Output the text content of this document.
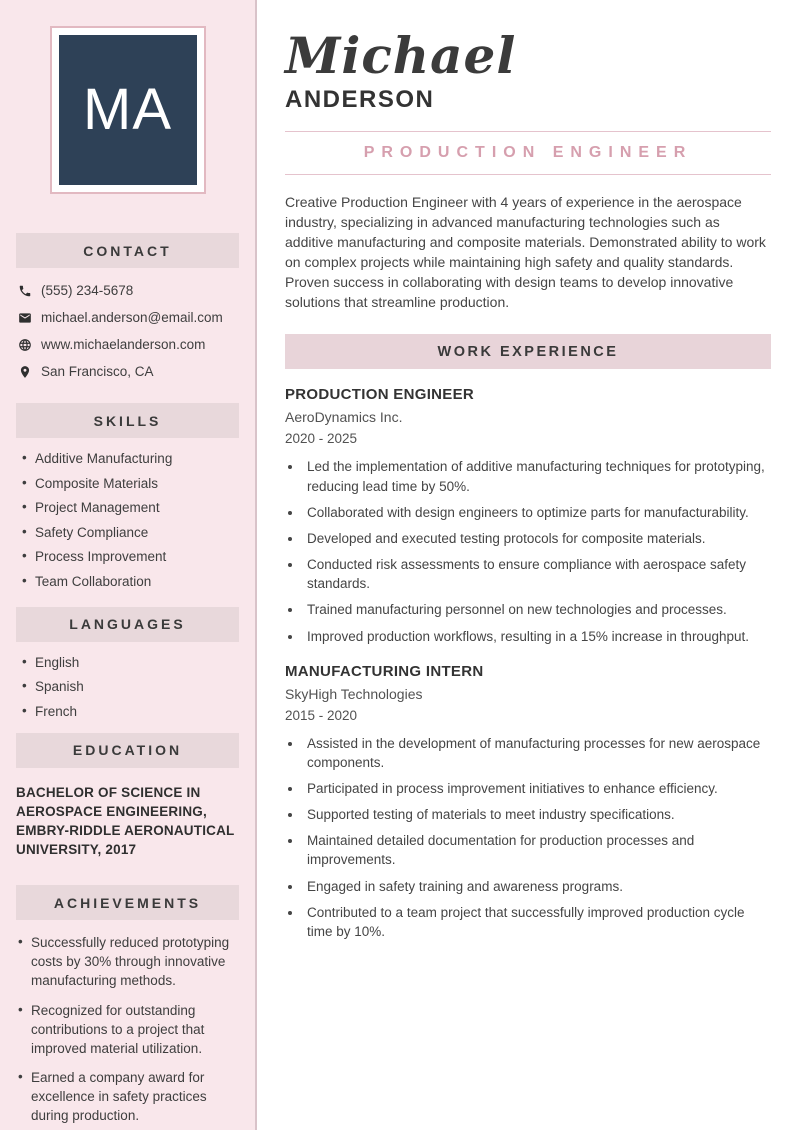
MA
CONTACT
(555) 234-5678
michael.anderson@email.com
www.michaelanderson.com
San Francisco, CA
SKILLS
• Additive Manufacturing
• Composite Materials
• Project Management
• Safety Compliance
• Process Improvement
• Team Collaboration
LANGUAGES
• English
• Spanish
• French
EDUCATION
BACHELOR OF SCIENCE IN AEROSPACE ENGINEERING, EMBRY-RIDDLE AERONAUTICAL UNIVERSITY, 2017
ACHIEVEMENTS
• Successfully reduced prototyping costs by 30% through innovative manufacturing methods.
• Recognized for outstanding contributions to a project that improved material utilization.
• Earned a company award for excellence in safety practices during production.
Michael
ANDERSON
PRODUCTION ENGINEER

Creative Production Engineer with 4 years of experience in the aerospace industry, specializing in advanced manufacturing technologies such as additive manufacturing and composite materials. Demonstrated ability to work on complex projects while maintaining high safety and quality standards. Proven success in collaborating with design teams to develop innovative solutions that streamline production.

WORK EXPERIENCE
PRODUCTION ENGINEER
AeroDynamics Inc.
2020 - 2025
• Led the implementation of additive manufacturing techniques for prototyping, reducing lead time by 50%.
• Collaborated with design engineers to optimize parts for manufacturability.
• Developed and executed testing protocols for composite materials.
• Conducted risk assessments to ensure compliance with aerospace safety standards.
• Trained manufacturing personnel on new technologies and processes.
• Improved production workflows, resulting in a 15% increase in throughput.
MANUFACTURING INTERN
SkyHigh Technologies
2015 - 2020
• Assisted in the development of manufacturing processes for new aerospace components.
• Participated in process improvement initiatives to enhance efficiency.
• Supported testing of materials to meet industry specifications.
• Maintained detailed documentation for production processes and improvements.
• Engaged in safety training and awareness programs.
• Contributed to a team project that successfully improved production cycle time by 10%.
